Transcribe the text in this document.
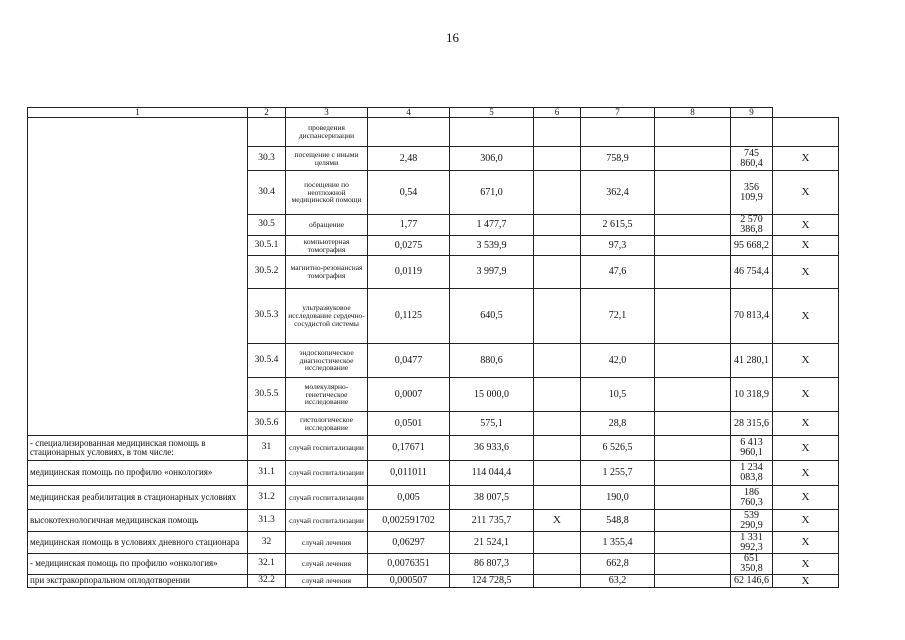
16
1	2	3	4	5	6	7	8	9	
		проведения диспансеризации							
	30.3	посещение с иными целями	2,48	306,0		758,9		745 860,4	X
	30.4	посещение по неотложной медицинской помощи	0,54	671,0		362,4		356 109,9	X
	30.5	обращение	1,77	1 477,7		2 615,5		2 570 386,8	X
	30.5.1	компьютерная томография	0,0275	3 539,9		97,3		95 668,2	X
	30.5.2	магнитно-резонансная томография	0,0119	3 997,9		47,6		46 754,4	X
	30.5.3	ультразвуковое исследование сердечно-сосудистой системы	0,1125	640,5		72,1		70 813,4	X
	30.5.4	эндоскопическое диагностическое исследование	0,0477	880,6		42,0		41 280,1	X
	30.5.5	молекулярно-генетическое исследование	0,0007	15 000,0		10,5		10 318,9	X
	30.5.6	гистологическое исследование	0,0501	575,1		28,8		28 315,6	X
- специализированная медицинская помощь в стационарных условиях, в том числе:	31	случай госпитализации	0,17671	36 933,6		6 526,5		6 413 960,1	X
медицинская помощь по профилю «онкология»	31.1	случай госпитализации	0,011011	114 044,4		1 255,7		1 234 083,8	X
медицинская реабилитация в стационарных условиях	31.2	случай госпитализации	0,005	38 007,5		190,0		186 760,3	X
высокотехнологичная медицинская помощь	31.3	случай госпитализации	0,002591702	211 735,7	X	548,8		539 290,9	X
медицинская помощь в условиях дневного стационара	32	случай лечения	0,06297	21 524,1		1 355,4		1 331 992,3	X
- медицинская помощь по профилю «онкология»	32.1	случай лечения	0,0076351	86 807,3		662,8		651 350,8	X
при экстракорпоральном оплодотворении	32.2	случай лечения	0,000507	124 728,5		63,2		62 146,6	X
